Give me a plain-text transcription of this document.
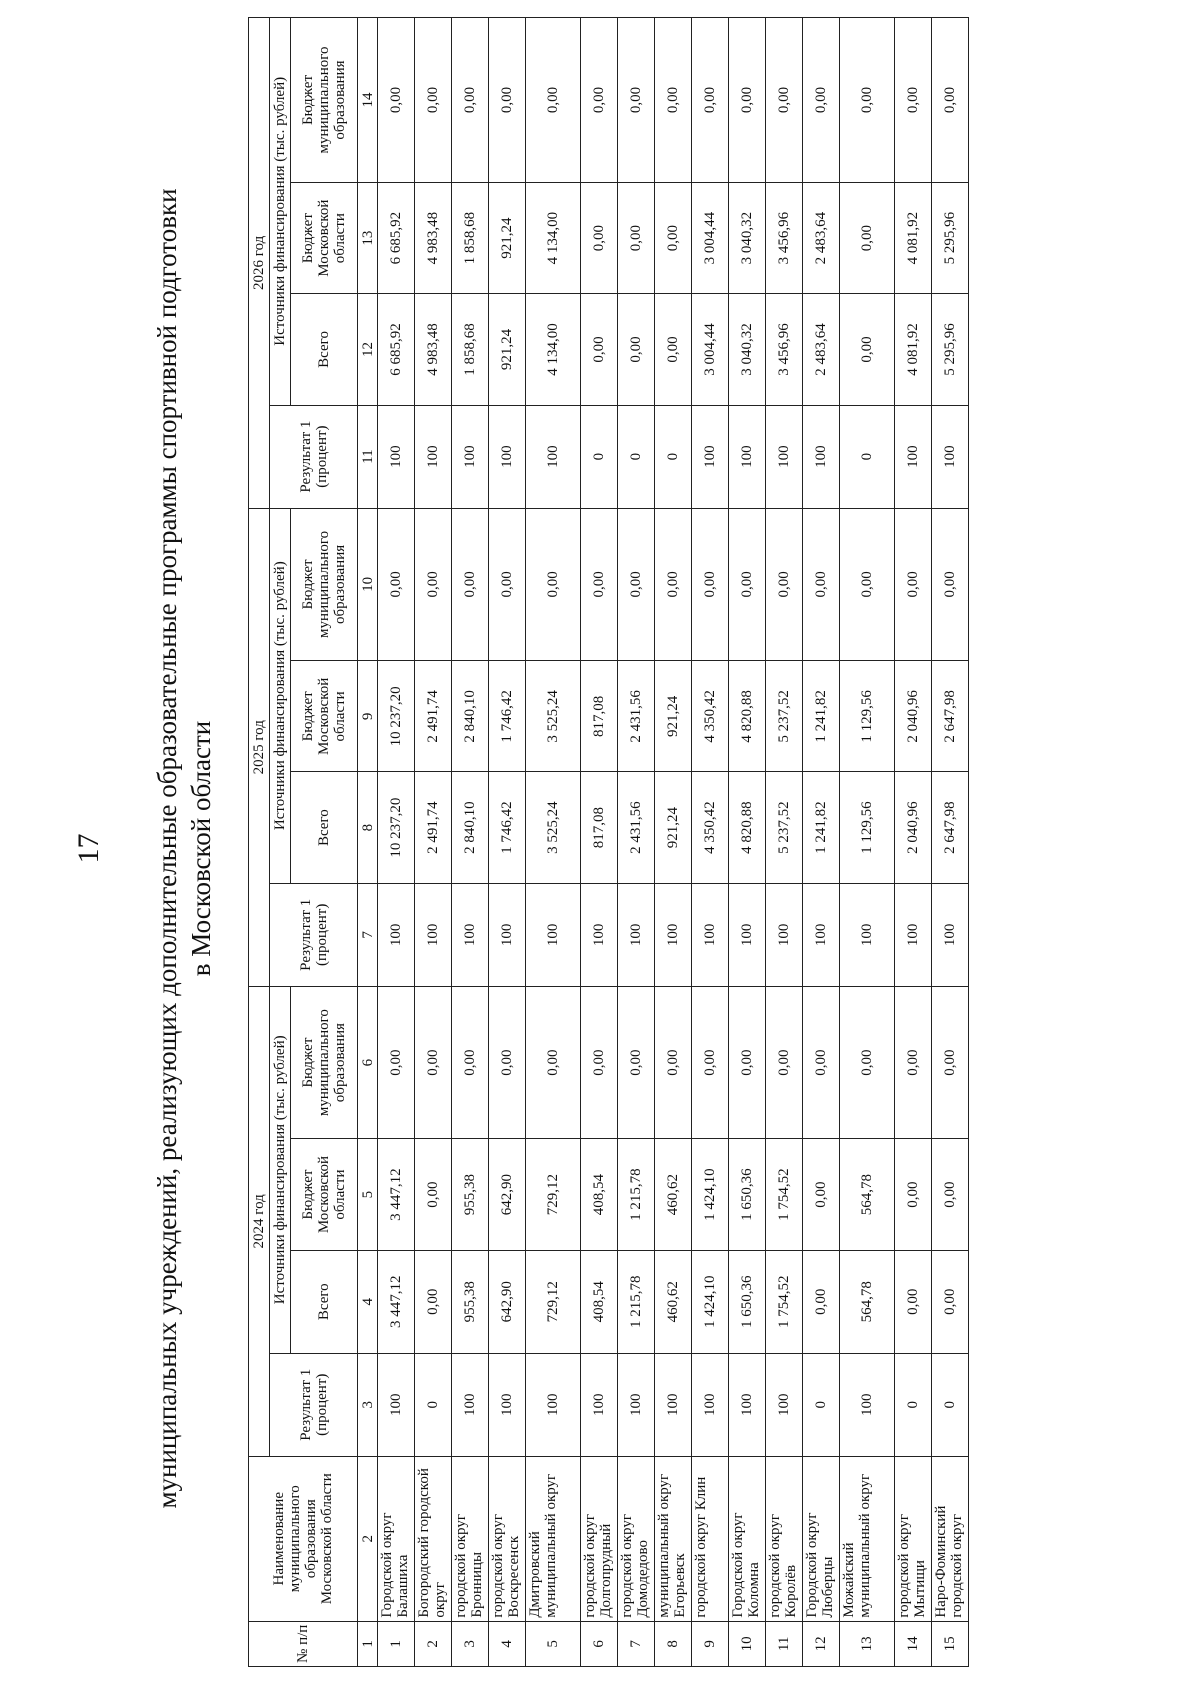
17 муниципальных учреждений, реализующих дополнительные образовательные программы спортивной подготовки в Московской области
№ п/п	Наименование муниципального образования Московской области	2024 год				2025 год				2026 год			
		Результат 1 (процент)	Источники финансирования (тыс. рублей)			Результат 1 (процент)	Источники финансирования (тыс. рублей)			Результат 1 (процент)	Источники финансирования (тыс. рублей)		
			Всего	Бюджет Московской области	Бюджет муниципального образования		Всего	Бюджет Московской области	Бюджет муниципального образования		Всего	Бюджет Московской области	Бюджет муниципального образования
1	2	3	4	5	6	7	8	9	10	11	12	13	14
1	Городской округ Балашиха	100	3 447,12	3 447,12	0,00	100	10 237,20	10 237,20	0,00	100	6 685,92	6 685,92	0,00
2	Богородский городской округ	0	0,00	0,00	0,00	100	2 491,74	2 491,74	0,00	100	4 983,48	4 983,48	0,00
3	городской округ Бронницы	100	955,38	955,38	0,00	100	2 840,10	2 840,10	0,00	100	1 858,68	1 858,68	0,00
4	городской округ Воскресенск	100	642,90	642,90	0,00	100	1 746,42	1 746,42	0,00	100	921,24	921,24	0,00
5	Дмитровский муниципальный округ	100	729,12	729,12	0,00	100	3 525,24	3 525,24	0,00	100	4 134,00	4 134,00	0,00
6	городской округ Долгопрудный	100	408,54	408,54	0,00	100	817,08	817,08	0,00	0	0,00	0,00	0,00
7	городской округ Домодедово	100	1 215,78	1 215,78	0,00	100	2 431,56	2 431,56	0,00	0	0,00	0,00	0,00
8	муниципальный округ Егорьевск	100	460,62	460,62	0,00	100	921,24	921,24	0,00	0	0,00	0,00	0,00
9	городской округ Клин	100	1 424,10	1 424,10	0,00	100	4 350,42	4 350,42	0,00	100	3 004,44	3 004,44	0,00
10	Городской округ Коломна	100	1 650,36	1 650,36	0,00	100	4 820,88	4 820,88	0,00	100	3 040,32	3 040,32	0,00
11	городской округ Королёв	100	1 754,52	1 754,52	0,00	100	5 237,52	5 237,52	0,00	100	3 456,96	3 456,96	0,00
12	Городской округ Люберцы	0	0,00	0,00	0,00	100	1 241,82	1 241,82	0,00	100	2 483,64	2 483,64	0,00
13	Можайский муниципальный округ	100	564,78	564,78	0,00	100	1 129,56	1 129,56	0,00	0	0,00	0,00	0,00
14	городской округ Мытищи	0	0,00	0,00	0,00	100	2 040,96	2 040,96	0,00	100	4 081,92	4 081,92	0,00
15	Наро-Фоминский городской округ	0	0,00	0,00	0,00	100	2 647,98	2 647,98	0,00	100	5 295,96	5 295,96	0,00
